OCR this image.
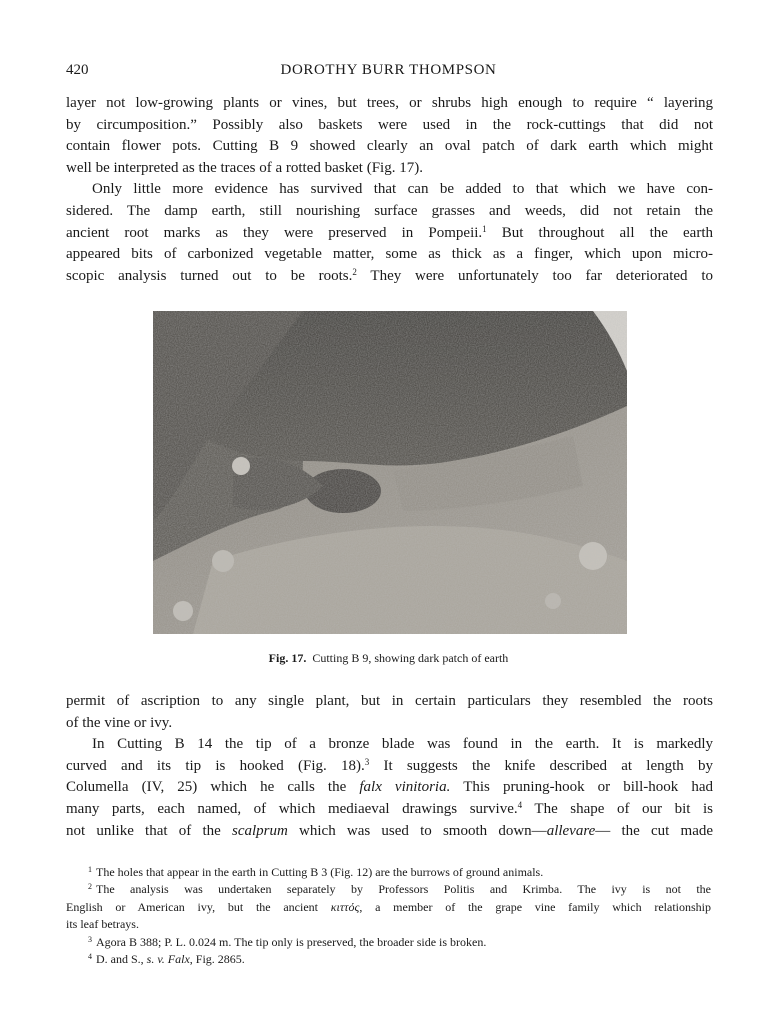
420	DOROTHY BURR THOMPSON
layer not low-growing plants or vines, but trees, or shrubs high enough to require “ layering
by circumposition.” Possibly also baskets were used in the rock-cuttings that did not
contain flower pots. Cutting B 9 showed clearly an oval patch of dark earth which might
well be interpreted as the traces of a rotted basket (Fig. 17).
Only little more evidence has survived that can be added to that which we have con-
sidered. The damp earth, still nourishing surface grasses and weeds, did not retain the
ancient root marks as they were preserved in Pompeii.$^1$ But throughout all the earth
appeared bits of carbonized vegetable matter, some as thick as a finger, which upon micro-
scopic analysis turned out to be roots.$^2$ They were unfortunately too far deteriorated to
Fig. 17. Cutting B 9, showing dark patch of earth
permit of ascription to any single plant, but in certain particulars they resembled the roots
of the vine or ivy.
In Cutting B 14 the tip of a bronze blade was found in the earth. It is markedly
curved and its tip is hooked (Fig. 18).$^3$ It suggests the knife described at length by
Columella (IV, 25) which he calls the falx vinitoria. This pruning-hook or bill-hook had
many parts, each named, of which mediaeval drawings survive.$^4$ The shape of our bit is
not unlike that of the scalprum which was used to smooth down—allevare— the cut made
$^1$ The holes that appear in the earth in Cutting B 3 (Fig. 12) are the burrows of ground animals.
$^2$ The analysis was undertaken separately by Professors Politis and Krimba. The ivy is not the
English or American ivy, but the ancient κιττός, a member of the grape vine family which relationship
its leaf betrays.
$^3$ Agora B 388; P. L. 0.024 m. The tip only is preserved, the broader side is broken.
$^4$ D. and S., s. v. Falx, Fig. 2865.
